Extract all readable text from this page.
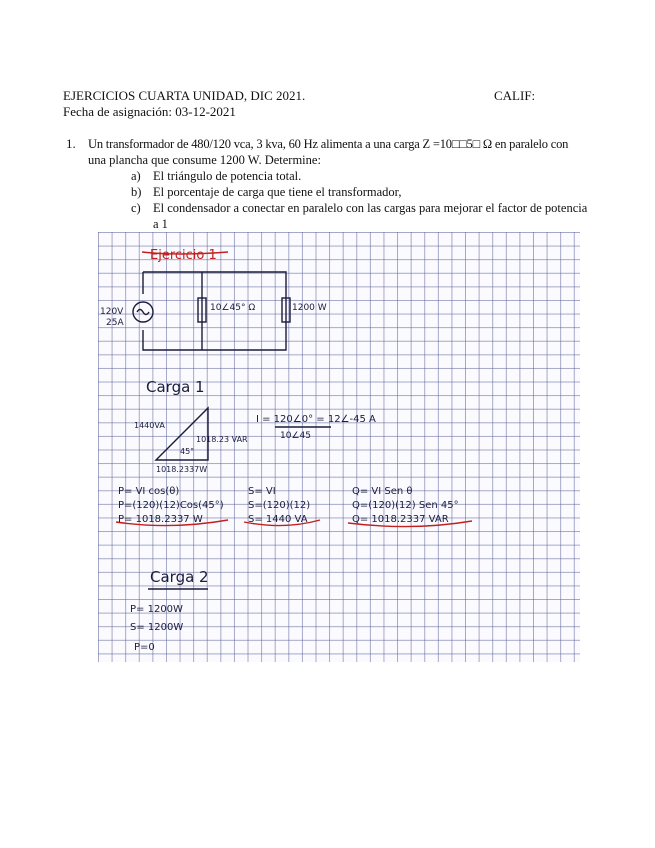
EJERCICIOS CUARTA UNIDAD, DIC 2021.	CALIF:
Fecha de asignación: 03-12-2021
1. Un transformador de 480/120 vca, 3 kva, 60 Hz alimenta a una carga Z =10□□5□ Ω en paralelo con
una plancha que consume 1200 W. Determine:
a) El triángulo de potencia total.
b) El porcentaje de carga que tiene el transformador,
c) El condensador a conectar en paralelo con las cargas para mejorar el factor de potencia
a 1
Ejercicio 1
120V
25A
10∠45° Ω	1200 W
Carga 1
1440VA
1018.23 VAR
45°
1018.2337W
I = 120∠0° = 12∠-45 A
10∠45
P= VI cos(θ)
P=(120)(12)Cos(45°)
P= 1018.2337 W
S= VI
S=(120)(12)
S= 1440 VA
Q= VI Sen θ
Q=(120)(12) Sen 45°
Q= 1018.2337 VAR
Carga 2
P= 1200W
S= 1200W
P=0
